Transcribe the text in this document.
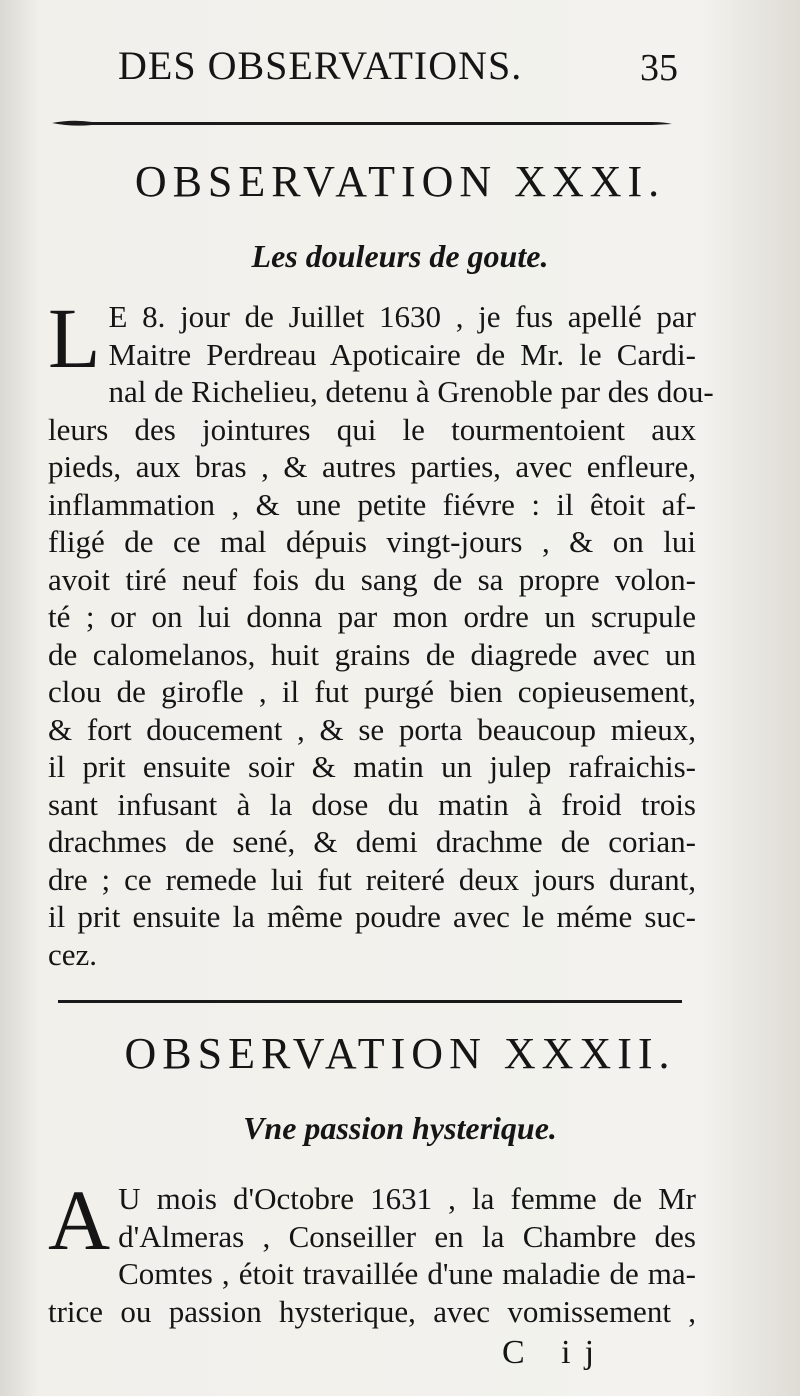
DES OBSERVATIONS.	35
OBSERVATION XXXI.
Les douleurs de goute.
L E 8. jour de Juillet 1630 , je fus apellé par
Maitre Perdreau Apoticaire de Mr. le Cardi-
nal de Richelieu, detenu à Grenoble par des dou-
leurs des jointures qui le tourmentoient aux
pieds, aux bras , & autres parties, avec enfleure,
inflammation , & une petite fiévre : il êtoit af-
fligé de ce mal dépuis vingt-jours , & on lui
avoit tiré neuf fois du sang de sa propre volon-
té ; or on lui donna par mon ordre un scrupule
de calomelanos, huit grains de diagrede avec un
clou de girofle , il fut purgé bien copieusement,
& fort doucement , & se porta beaucoup mieux,
il prit ensuite soir & matin un julep rafraichis-
sant infusant à la dose du matin à froid trois
drachmes de sené, & demi drachme de corian-
dre ; ce remede lui fut reiteré deux jours durant,
il prit ensuite la même poudre avec le méme suc-
cez.
OBSERVATION XXXII.
Vne passion hysterique.
A U mois d'Octobre 1631 , la femme de Mr
d'Almeras , Conseiller en la Chambre des
Comtes , étoit travaillée d'une maladie de ma-
trice ou passion hysterique, avec vomissement ,
C ij
